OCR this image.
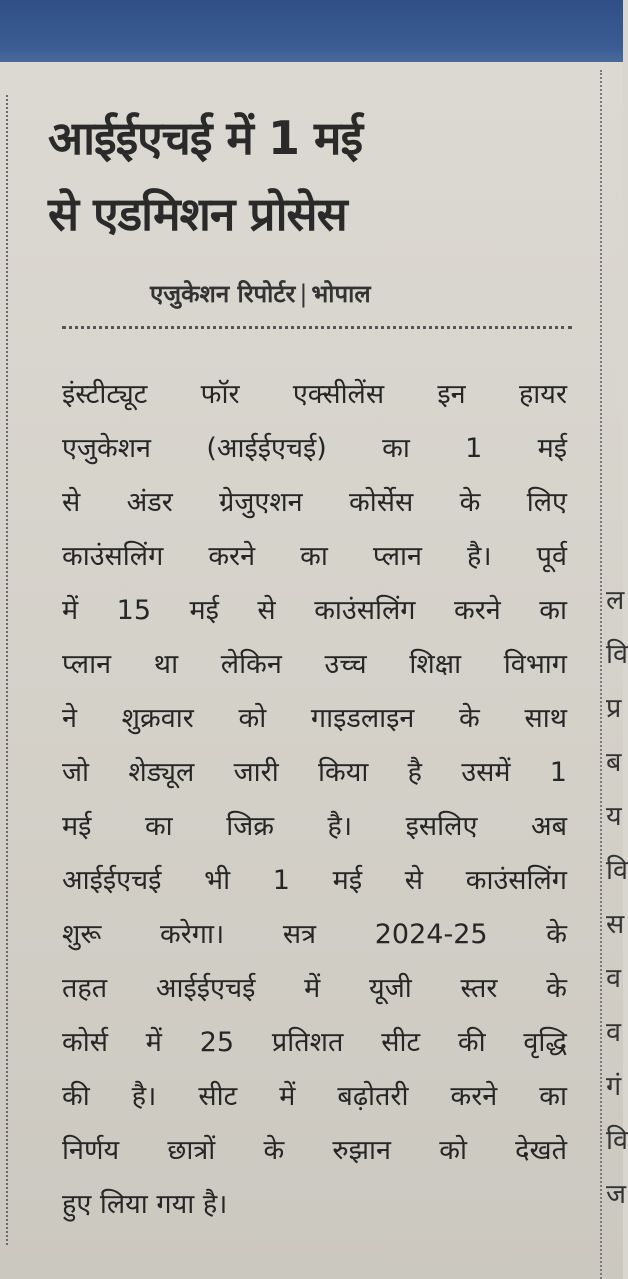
आईईएचई में 1 मई
से एडमिशन प्रोसेस
एजुकेशन रिपोर्टर | भोपाल
इंस्टीट्यूट फॉर एक्सीलेंस इन हायर
एजुकेशन (आईईएचई) का 1 मई
से अंडर ग्रेजुएशन कोर्सेस के लिए
काउंसलिंग करने का प्लान है। पूर्व
में 15 मई से काउंसलिंग करने का
प्लान था लेकिन उच्च शिक्षा विभाग
ने शुक्रवार को गाइडलाइन के साथ
जो शेड्यूल जारी किया है उसमें 1
मई का जिक्र है। इसलिए अब
आईईएचई भी 1 मई से काउंसलिंग
शुरू करेगा। सत्र 2024-25 के
तहत आईईएचई में यूजी स्तर के
कोर्स में 25 प्रतिशत सीट की वृद्धि
की है। सीट में बढ़ोतरी करने का
निर्णय छात्रों के रुझान को देखते
हुए लिया गया है।
ल
वि
प्र
ब
य
वि
स
व
व
गं
वि
ज
